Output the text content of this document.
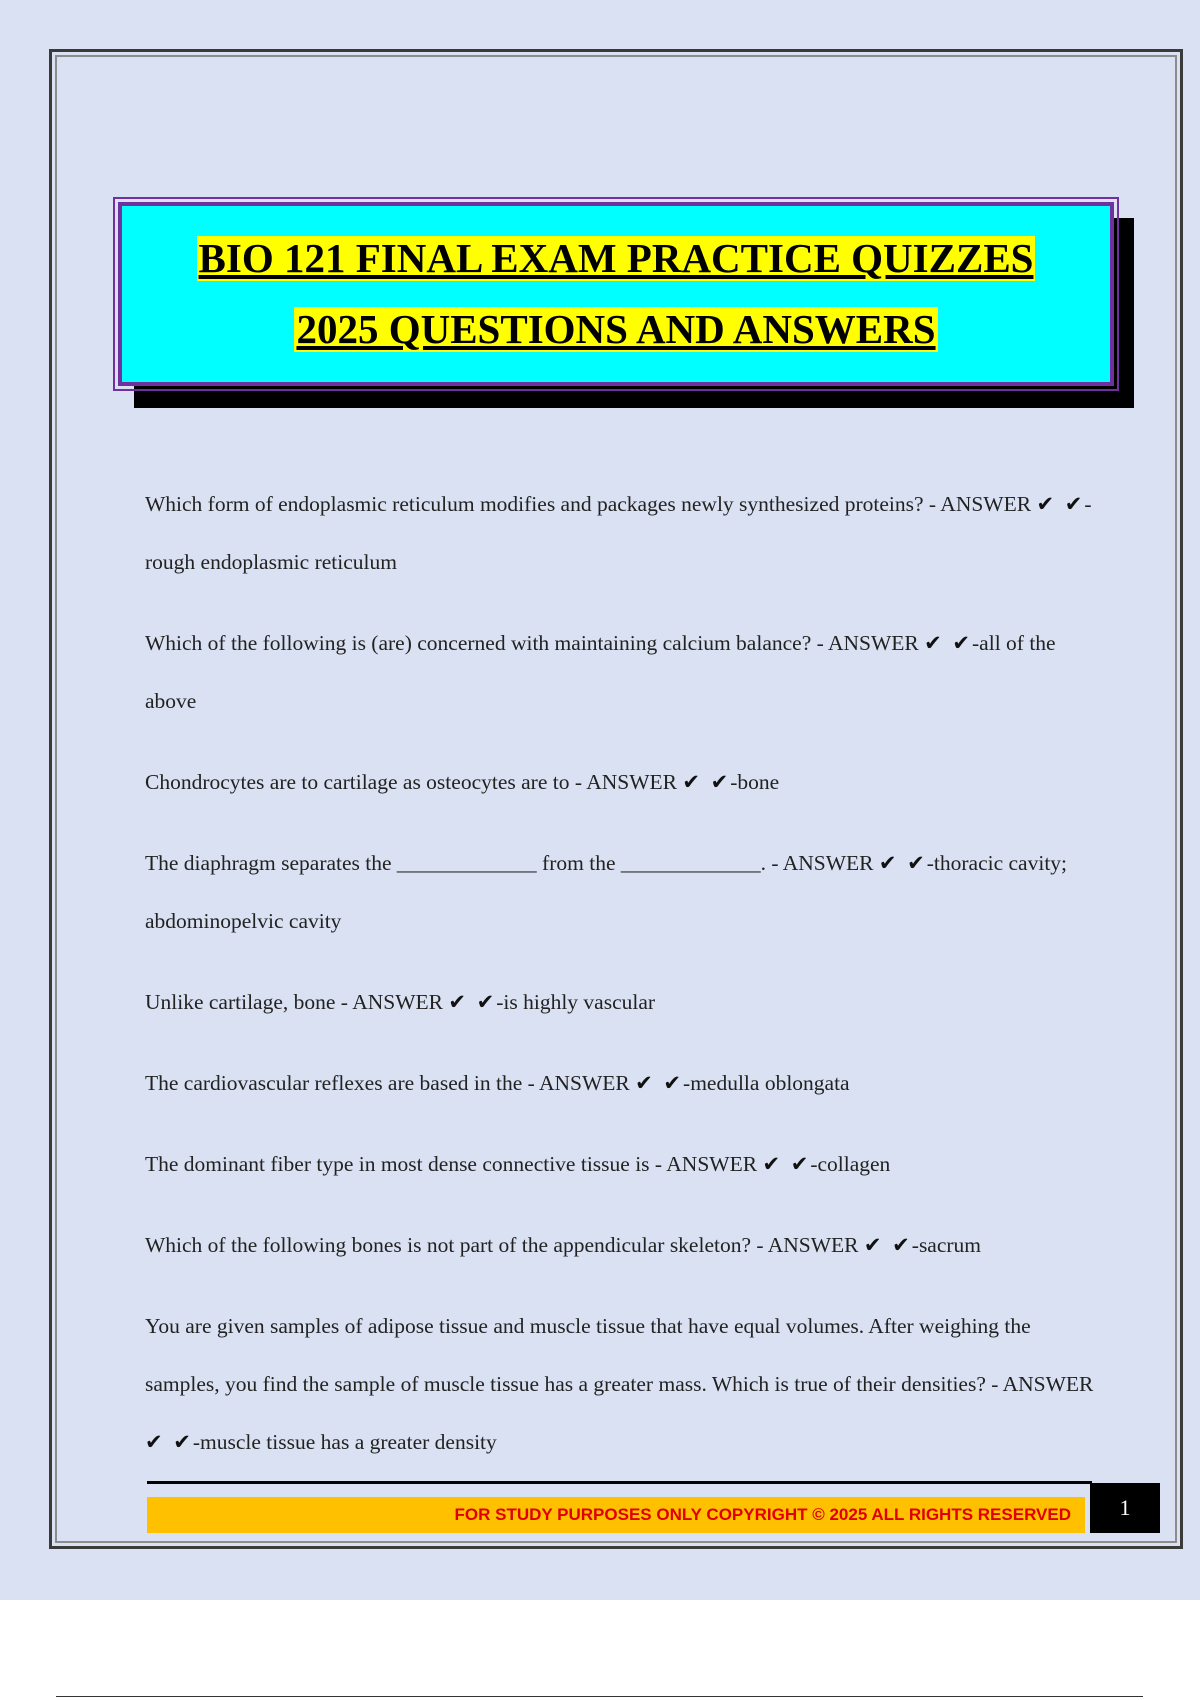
BIO 121 FINAL EXAM PRACTICE QUIZZES
2025 QUESTIONS AND ANSWERS
Which form of endoplasmic reticulum modifies and packages newly synthesized proteins? - ANSWER ✔ ✔-rough endoplasmic reticulum
Which of the following is (are) concerned with maintaining calcium balance? - ANSWER ✔ ✔-all of the above
Chondrocytes are to cartilage as osteocytes are to - ANSWER ✔ ✔-bone
The diaphragm separates the _____________ from the _____________. - ANSWER ✔ ✔-thoracic cavity; abdominopelvic cavity
Unlike cartilage, bone - ANSWER ✔ ✔-is highly vascular
The cardiovascular reflexes are based in the - ANSWER ✔ ✔-medulla oblongata
The dominant fiber type in most dense connective tissue is - ANSWER ✔ ✔-collagen
Which of the following bones is not part of the appendicular skeleton? - ANSWER ✔ ✔-sacrum
You are given samples of adipose tissue and muscle tissue that have equal volumes. After weighing the samples, you find the sample of muscle tissue has a greater mass. Which is true of their densities? - ANSWER ✔ ✔-muscle tissue has a greater density
FOR STUDY PURPOSES ONLY COPYRIGHT © 2025 ALL RIGHTS RESERVED	1
